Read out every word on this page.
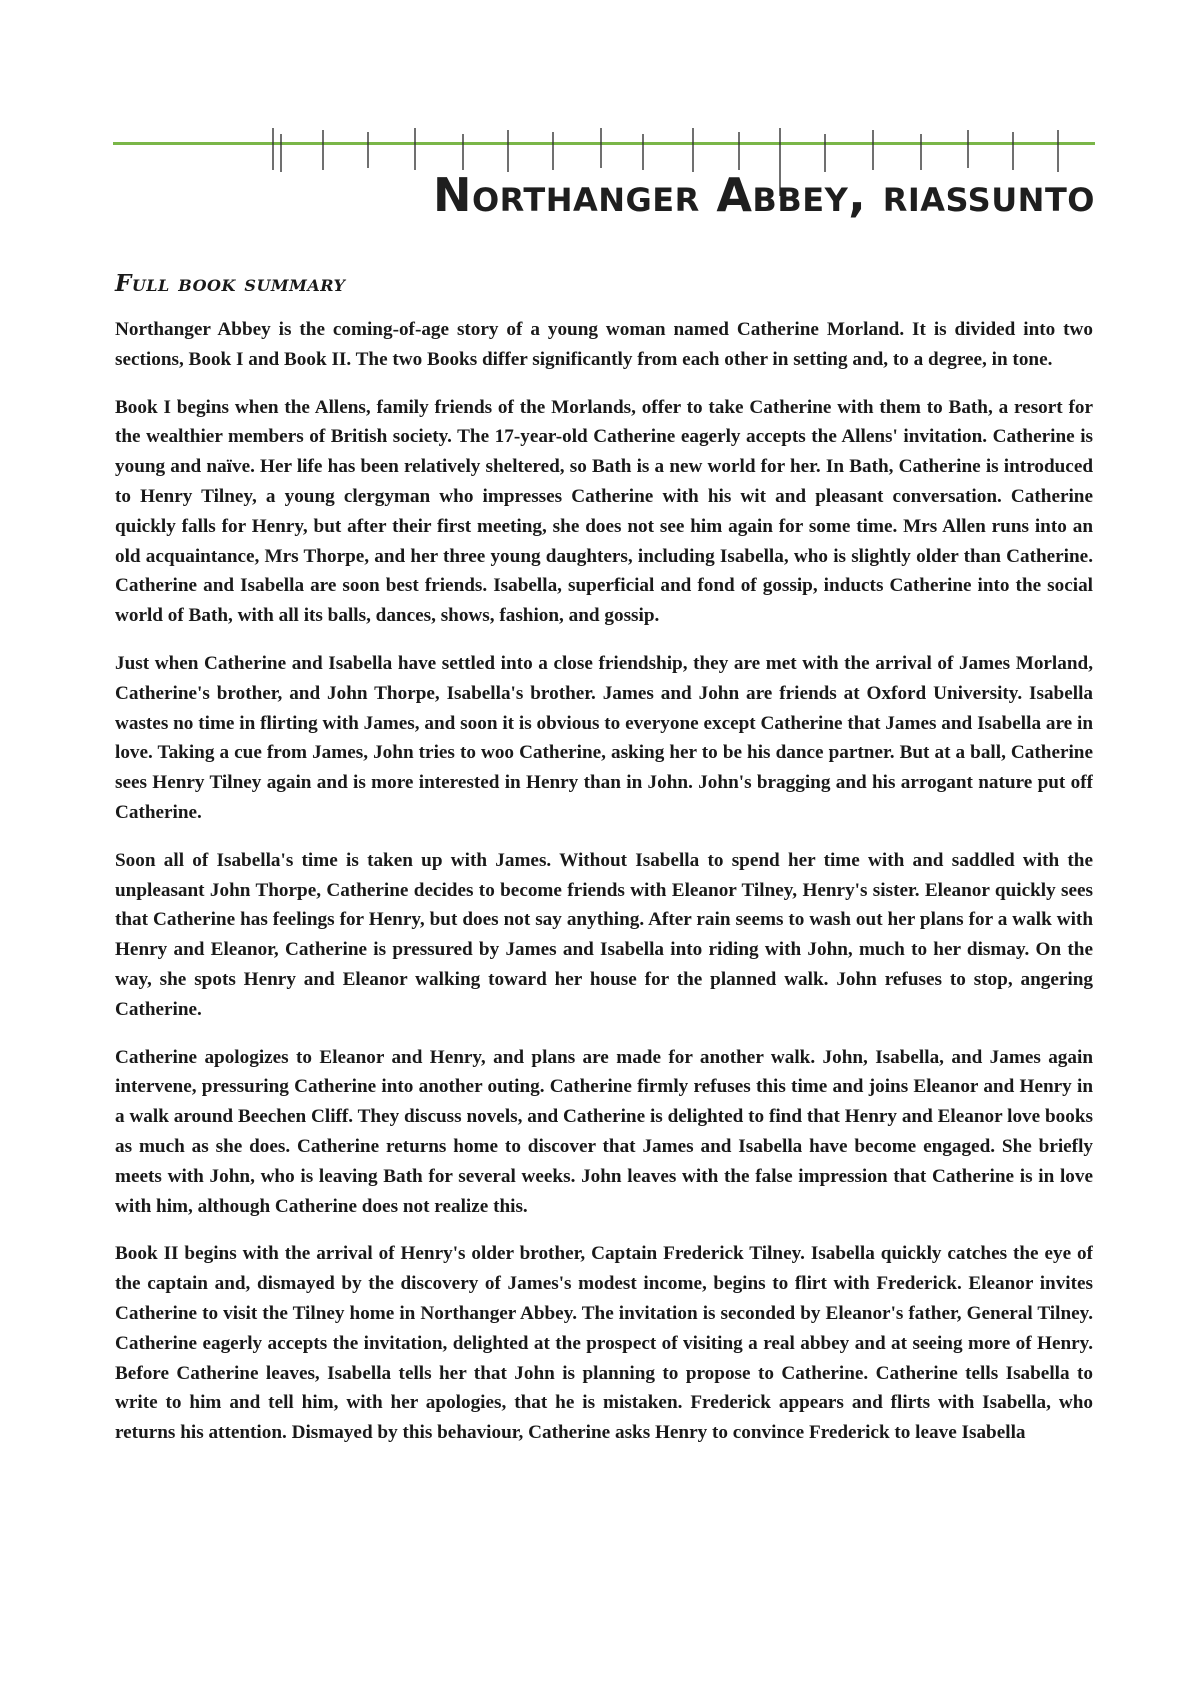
Northanger Abbey, riassunto
Full book summary

Northanger Abbey is the coming-of-age story of a young woman named Catherine Morland. It is divided into two sections, Book I and Book II. The two Books differ significantly from each other in setting and, to a degree, in tone.

Book I begins when the Allens, family friends of the Morlands, offer to take Catherine with them to Bath, a resort for the wealthier members of British society. The 17-year-old Catherine eagerly accepts the Allens' invitation. Catherine is young and naïve. Her life has been relatively sheltered, so Bath is a new world for her. In Bath, Catherine is introduced to Henry Tilney, a young clergyman who impresses Catherine with his wit and pleasant conversation. Catherine quickly falls for Henry, but after their first meeting, she does not see him again for some time. Mrs Allen runs into an old acquaintance, Mrs Thorpe, and her three young daughters, including Isabella, who is slightly older than Catherine. Catherine and Isabella are soon best friends. Isabella, superficial and fond of gossip, inducts Catherine into the social world of Bath, with all its balls, dances, shows, fashion, and gossip.

Just when Catherine and Isabella have settled into a close friendship, they are met with the arrival of James Morland, Catherine's brother, and John Thorpe, Isabella's brother. James and John are friends at Oxford University. Isabella wastes no time in flirting with James, and soon it is obvious to everyone except Catherine that James and Isabella are in love. Taking a cue from James, John tries to woo Catherine, asking her to be his dance partner. But at a ball, Catherine sees Henry Tilney again and is more interested in Henry than in John. John's bragging and his arrogant nature put off Catherine.

Soon all of Isabella's time is taken up with James. Without Isabella to spend her time with and saddled with the unpleasant John Thorpe, Catherine decides to become friends with Eleanor Tilney, Henry's sister. Eleanor quickly sees that Catherine has feelings for Henry, but does not say anything. After rain seems to wash out her plans for a walk with Henry and Eleanor, Catherine is pressured by James and Isabella into riding with John, much to her dismay. On the way, she spots Henry and Eleanor walking toward her house for the planned walk. John refuses to stop, angering Catherine.

Catherine apologizes to Eleanor and Henry, and plans are made for another walk. John, Isabella, and James again intervene, pressuring Catherine into another outing. Catherine firmly refuses this time and joins Eleanor and Henry in a walk around Beechen Cliff. They discuss novels, and Catherine is delighted to find that Henry and Eleanor love books as much as she does. Catherine returns home to discover that James and Isabella have become engaged. She briefly meets with John, who is leaving Bath for several weeks. John leaves with the false impression that Catherine is in love with him, although Catherine does not realize this.

Book II begins with the arrival of Henry's older brother, Captain Frederick Tilney. Isabella quickly catches the eye of the captain and, dismayed by the discovery of James's modest income, begins to flirt with Frederick. Eleanor invites Catherine to visit the Tilney home in Northanger Abbey. The invitation is seconded by Eleanor's father, General Tilney. Catherine eagerly accepts the invitation, delighted at the prospect of visiting a real abbey and at seeing more of Henry. Before Catherine leaves, Isabella tells her that John is planning to propose to Catherine. Catherine tells Isabella to write to him and tell him, with her apologies, that he is mistaken. Frederick appears and flirts with Isabella, who returns his attention. Dismayed by this behaviour, Catherine asks Henry to convince Frederick to leave Isabella
